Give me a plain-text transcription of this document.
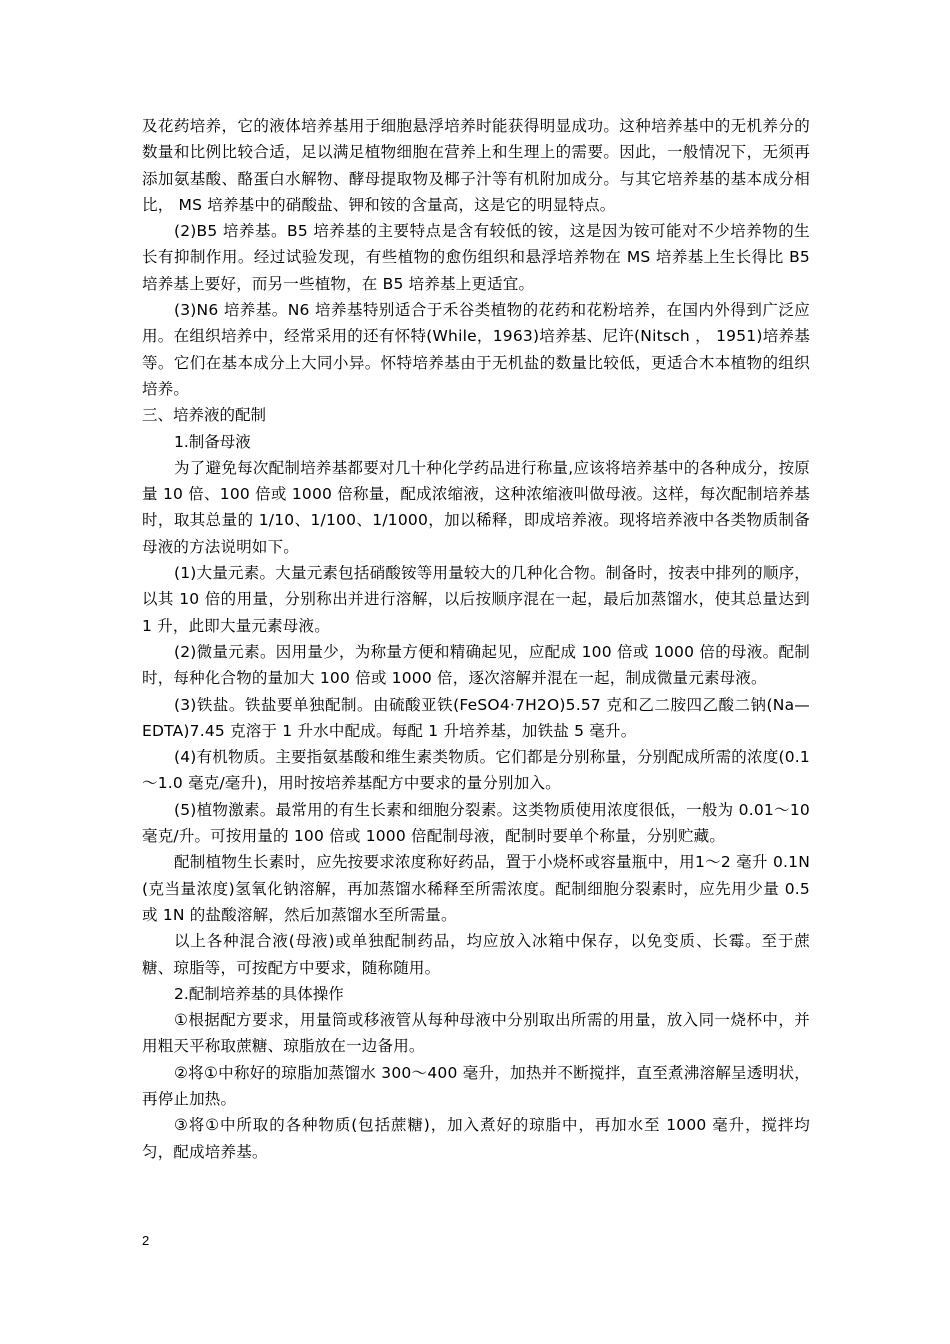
及花药培养，它的液体培养基用于细胞悬浮培养时能获得明显成功。这种培养基中的无机养分的数量和比例比较合适，足以满足植物细胞在营养上和生理上的需要。因此，一般情况下，无须再添加氨基酸、酪蛋白水解物、酵母提取物及椰子汁等有机附加成分。与其它培养基的基本成分相比， MS 培养基中的硝酸盐、钾和铵的含量高，这是它的明显特点。

(2)B5 培养基。B5 培养基的主要特点是含有较低的铵，这是因为铵可能对不少培养物的生长有抑制作用。经过试验发现，有些植物的愈伤组织和悬浮培养物在 MS 培养基上生长得比 B5 培养基上要好，而另一些植物，在 B5 培养基上更适宜。

(3)N6 培养基。N6 培养基特别适合于禾谷类植物的花药和花粉培养，在国内外得到广泛应用。在组织培养中，经常采用的还有怀特(While，1963)培养基、尼许(Nitsch ， 1951)培养基等。它们在基本成分上大同小异。怀特培养基由于无机盐的数量比较低，更适合木本植物的组织培养。

三、培养液的配制

1.制备母液

为了避免每次配制培养基都要对几十种化学药品进行称量,应该将培养基中的各种成分，按原量 10 倍、100 倍或 1000 倍称量，配成浓缩液，这种浓缩液叫做母液。这样，每次配制培养基时，取其总量的 1/10、1/100、1/1000，加以稀释，即成培养液。现将培养液中各类物质制备母液的方法说明如下。

(1)大量元素。大量元素包括硝酸铵等用量较大的几种化合物。制备时，按表中排列的顺序，以其 10 倍的用量，分别称出并进行溶解，以后按顺序混在一起，最后加蒸馏水，使其总量达到 1 升，此即大量元素母液。

(2)微量元素。因用量少，为称量方便和精确起见，应配成 100 倍或 1000 倍的母液。配制时，每种化合物的量加大 100 倍或 1000 倍，逐次溶解并混在一起，制成微量元素母液。

(3)铁盐。铁盐要单独配制。由硫酸亚铁(FeSO4·7H2O)5.57 克和乙二胺四乙酸二钠(Na—EDTA)7.45 克溶于 1 升水中配成。每配 1 升培养基，加铁盐 5 毫升。

(4)有机物质。主要指氨基酸和维生素类物质。它们都是分别称量，分别配成所需的浓度(0.1～1.0 毫克/毫升)，用时按培养基配方中要求的量分别加入。

(5)植物激素。最常用的有生长素和细胞分裂素。这类物质使用浓度很低，一般为 0.01～10 毫克/升。可按用量的 100 倍或 1000 倍配制母液，配制时要单个称量，分别贮藏。

配制植物生长素时，应先按要求浓度称好药品，置于小烧杯或容量瓶中，用1～2 毫升 0.1N(克当量浓度)氢氧化钠溶解，再加蒸馏水稀释至所需浓度。配制细胞分裂素时，应先用少量 0.5 或 1N 的盐酸溶解，然后加蒸馏水至所需量。

以上各种混合液(母液)或单独配制药品，均应放入冰箱中保存，以免变质、长霉。至于蔗糖、琼脂等，可按配方中要求，随称随用。

2.配制培养基的具体操作

①根据配方要求，用量筒或移液管从每种母液中分别取出所需的用量，放入同一烧杯中，并用粗天平称取蔗糖、琼脂放在一边备用。

②将①中称好的琼脂加蒸馏水 300～400 毫升，加热并不断搅拌，直至煮沸溶解呈透明状，再停止加热。

③将①中所取的各种物质(包括蔗糖)，加入煮好的琼脂中，再加水至 1000 毫升，搅拌均匀，配成培养基。

2
